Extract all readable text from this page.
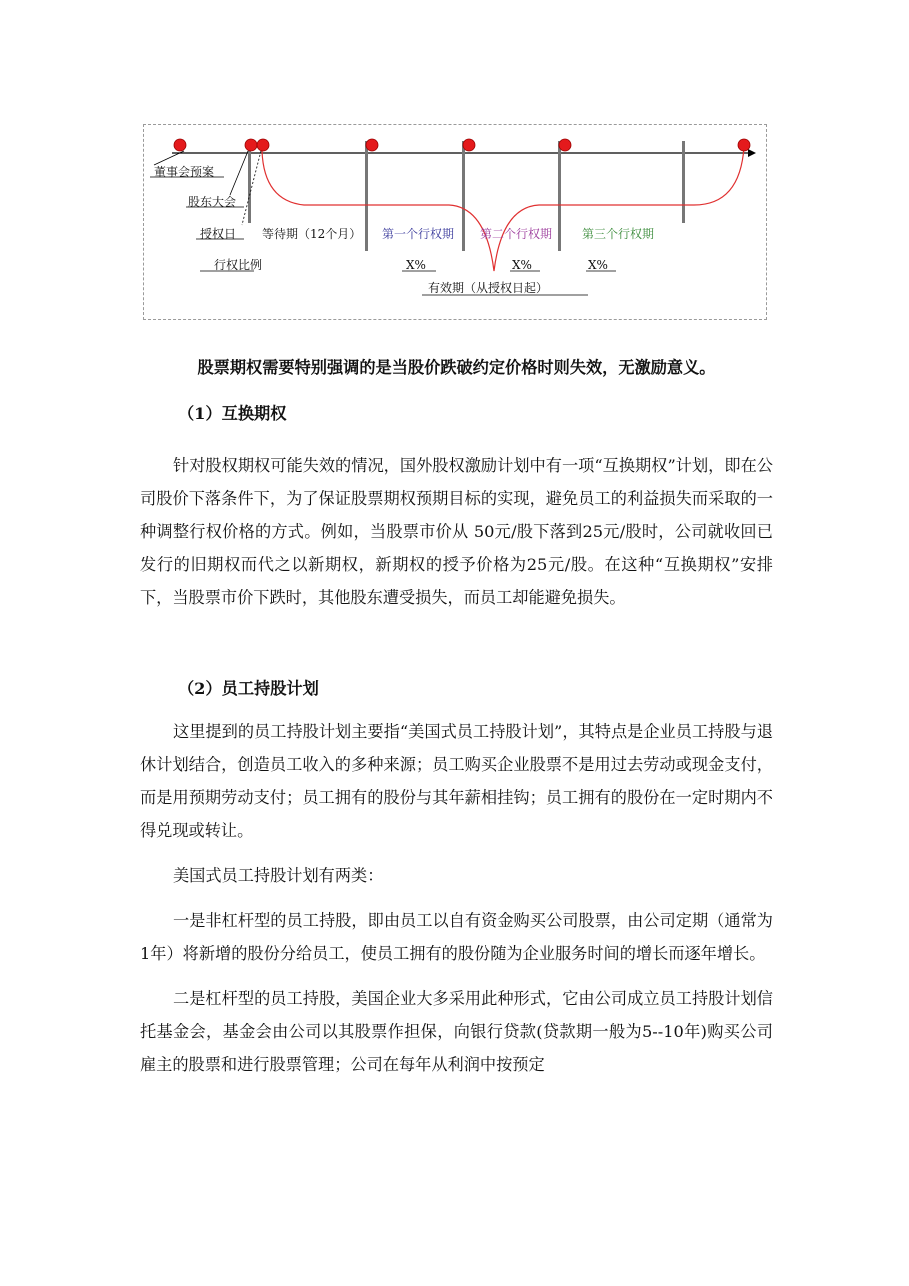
董事会预案
股东大会
授权日 等待期（12个月） 第一个行权期 第二个行权期 第三个行权期
行权比例	X%	X%	X%
有效期（从授权日起）
股票期权需要特别强调的是当股价跌破约定价格时则失效，无激励意义。
（1）互换期权

针对股权期权可能失效的情况，国外股权激励计划中有一项“互换期权”计划，即在公司股价下落条件下，为了保证股票期权预期目标的实现，避免员工的利益损失而采取的一种调整行权价格的方式。例如，当股票市价从 50元/股下落到25元/股时，公司就收回已发行的旧期权而代之以新期权，新期权的授予价格为25元/股。在这种“互换期权”安排下，当股票市价下跌时，其他股东遭受损失，而员工却能避免损失。

（2）员工持股计划

这里提到的员工持股计划主要指“美国式员工持股计划”，其特点是企业员工持股与退休计划结合，创造员工收入的多种来源；员工购买企业股票不是用过去劳动或现金支付，而是用预期劳动支付；员工拥有的股份与其年薪相挂钩；员工拥有的股份在一定时期内不得兑现或转让。

美国式员工持股计划有两类：

一是非杠杆型的员工持股，即由员工以自有资金购买公司股票，由公司定期（通常为1年）将新增的股份分给员工，使员工拥有的股份随为企业服务时间的增长而逐年增长。

二是杠杆型的员工持股，美国企业大多采用此种形式，它由公司成立员工持股计划信托基金会，基金会由公司以其股票作担保，向银行贷款(贷款期一般为5--10年)购买公司雇主的股票和进行股票管理；公司在每年从利润中按预定
